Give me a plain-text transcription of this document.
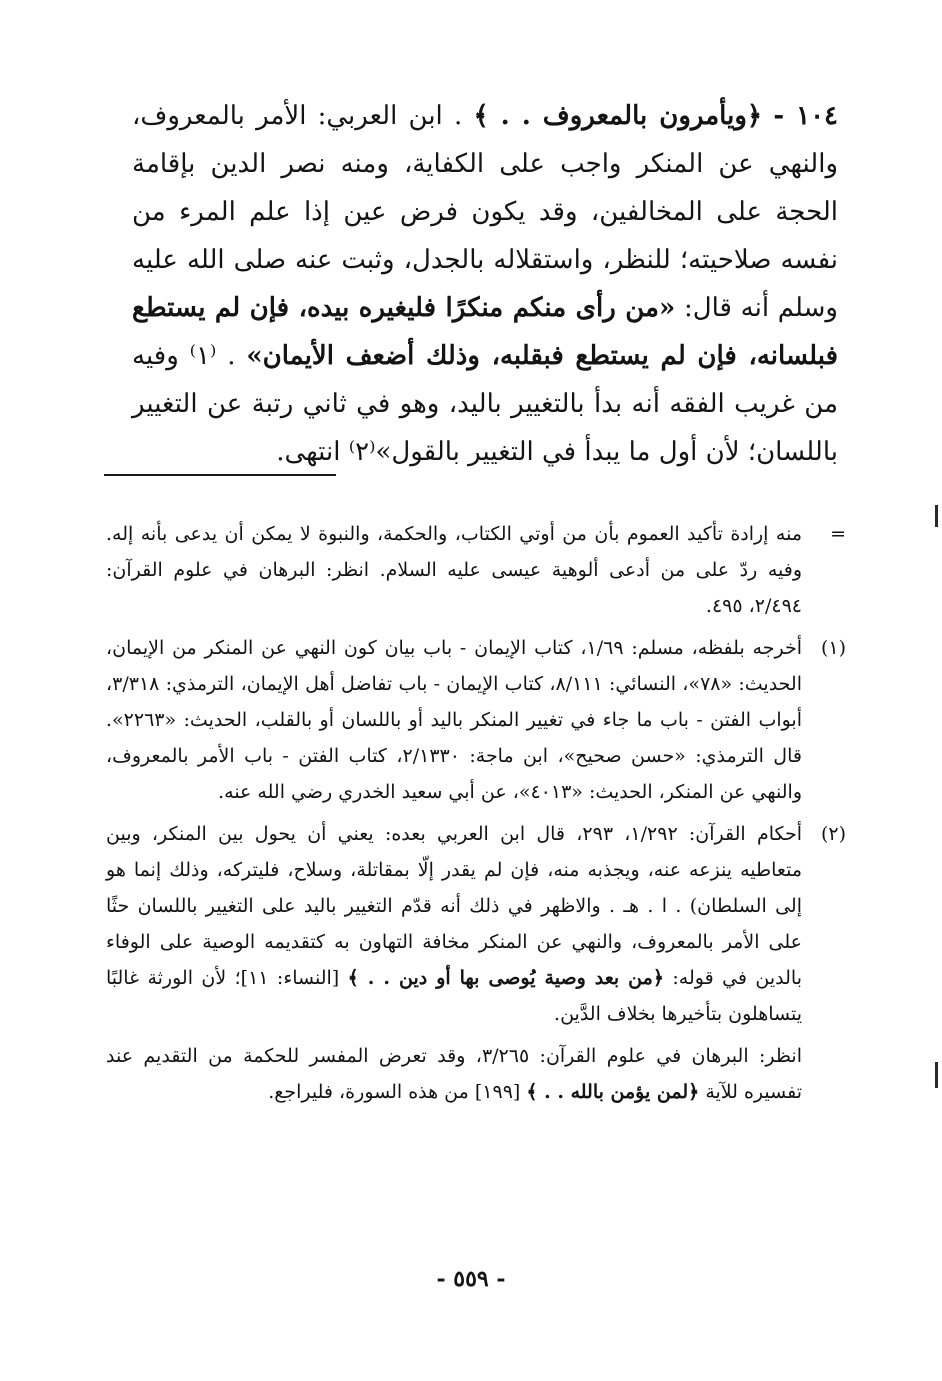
١٠٤ - ﴿ويأمرون بالمعروف . . ﴾ . ابن العربي: الأمر بالمعروف، والنهي عن المنكر واجب على الكفاية، ومنه نصر الدين بإقامة الحجة على المخالفين، وقد يكون فرض عين إذا علم المرء من نفسه صلاحيته؛ للنظر، واستقلاله بالجدل، وثبت عنه صلى الله عليه وسلم أنه قال: «من رأى منكم منكرًا فليغيره بيده، فإن لم يستطع فبلسانه، فإن لم يستطع فبقلبه، وذلك أضعف الأيمان» . ⁽١⁾ وفيه من غريب الفقه أنه بدأ بالتغيير باليد، وهو في ثاني رتبة عن التغيير باللسان؛ لأن أول ما يبدأ في التغيير بالقول»⁽٢⁾ انتهى.
=
منه إرادة تأكيد العموم بأن من أوتي الكتاب، والحكمة، والنبوة لا يمكن أن يدعى بأنه إله. وفيه ردّ على من أدعى ألوهية عيسى عليه السلام. انظر: البرهان في علوم القرآن: ٢/٤٩٤، ٤٩٥.
(١)
أخرجه بلفظه، مسلم: ١/٦٩، كتاب الإيمان - باب بيان كون النهي عن المنكر من الإيمان، الحديث: «٧٨»، النسائي: ٨/١١١، كتاب الإيمان - باب تفاضل أهل الإيمان، الترمذي: ٣/٣١٨، أبواب الفتن - باب ما جاء في تغيير المنكر باليد أو باللسان أو بالقلب، الحديث: «٢٢٦٣». قال الترمذي: «حسن صحيح»، ابن ماجة: ٢/١٣٣٠، كتاب الفتن - باب الأمر بالمعروف، والنهي عن المنكر، الحديث: «٤٠١٣»، عن أبي سعيد الخدري رضي الله عنه.
(٢)
أحكام القرآن: ١/٢٩٢، ٢٩٣، قال ابن العربي بعده: يعني أن يحول بين المنكر، وبين متعاطيه ينزعه عنه، ويجذبه منه، فإن لم يقدر إلّا بمقاتلة، وسلاح، فليتركه، وذلك إنما هو إلى السلطان) . ا . هـ . والاظهر في ذلك أنه قدّم التغيير باليد على التغيير باللسان حثًا على الأمر بالمعروف، والنهي عن المنكر مخافة التهاون به كتقديمه الوصية على الوفاء بالدين في قوله: ﴿من بعد وصية يُوصى بها أو دين . . ﴾ [النساء: ١١]؛ لأن الورثة غالبًا يتساهلون بتأخيرها بخلاف الدَّين.

انظر: البرهان في علوم القرآن: ٣/٢٦٥، وقد تعرض المفسر للحكمة من التقديم عند تفسيره للآية ﴿لمن يؤمن بالله . . ﴾ [١٩٩] من هذه السورة، فليراجع.

- ٥٥٩ -
